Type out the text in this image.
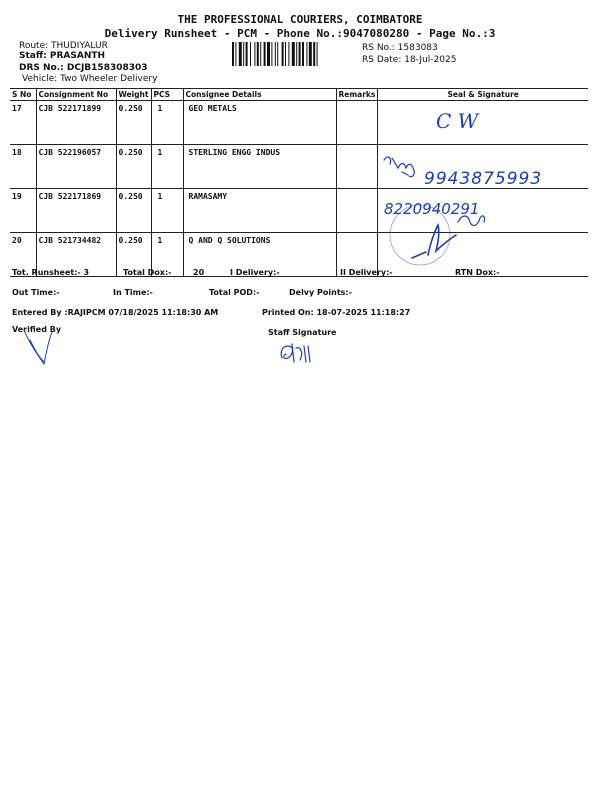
THE PROFESSIONAL COURIERS, COIMBATORE
Delivery Runsheet - PCM - Phone No.:9047080280 - Page No.:3
Route: THUDIYALUR
Staff: PRASANTH
DRS No.: DCJB158308303
Vehicle: Two Wheeler Delivery
RS No.: 1583083
RS Date: 18-Jul-2025
S No	Consignment No	Weight	PCS	Consignee Details	Remarks	Seal & Signature
17	CJB 522171899	0.250	1	GEO METALS		
18	CJB 522196057	0.250	1	STERLING ENGG INDUS		
19	CJB 522171869	0.250	1	RAMASAMY		
20	CJB 521734482	0.250	1	Q AND Q SOLUTIONS		
Tot. Runsheet:- 3	Total Dox:-	20	I Delivery:-	II Delivery:-	RTN Dox:-
Out Time:-	In Time:-	Total POD:-	Delvy Points:-
Entered By :RAJIPCM 07/18/2025 11:18:30 AM	Printed On: 18-07-2025 11:18:27
Verified By	Staff Signature
C W
9943875993
8220940291
